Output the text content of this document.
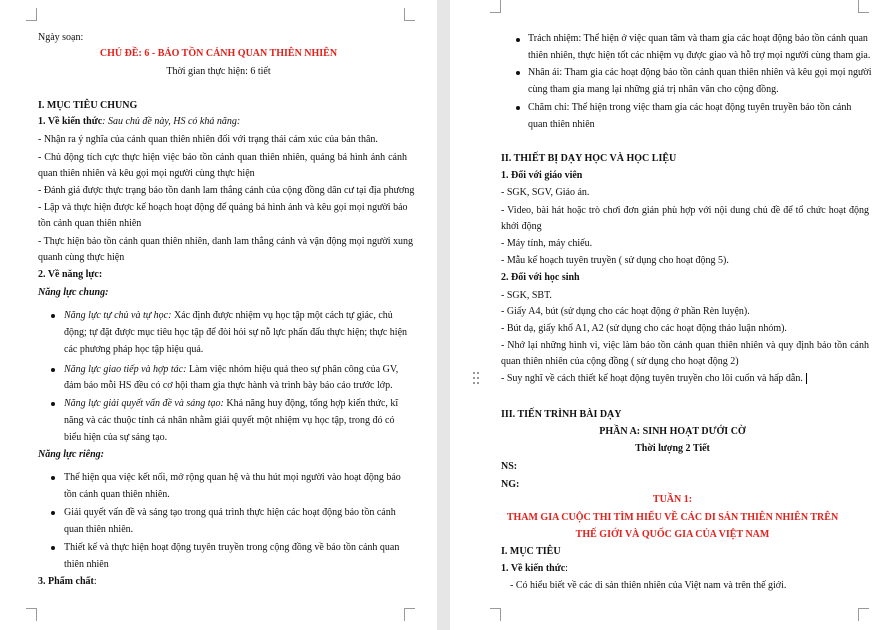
Ngày soạn:
CHỦ ĐỀ: 6 - BẢO TỒN CẢNH QUAN THIÊN NHIÊN
Thời gian thực hiện: 6 tiết
I. MỤC TIÊU CHUNG
1. Về kiến thức: Sau chủ đề này, HS có khả năng:
- Nhận ra ý nghĩa của cảnh quan thiên nhiên đối với trạng thái cảm xúc của bản thân.
- Chủ động tích cực thực hiện việc bảo tồn cảnh quan thiên nhiên, quảng bá hình ảnh cảnh
quan thiên nhiên và kêu gọi mọi người cùng thực hiện
- Đánh giá được thực trạng bảo tồn danh lam thắng cảnh của cộng đồng dân cư tại địa phương
- Lập và thực hiện được kế hoạch hoạt động để quảng bá hình ảnh và kêu gọi mọi người bảo
tồn cảnh quan thiên nhiên
- Thực hiện bảo tồn cảnh quan thiên nhiên, danh lam thắng cảnh và vận động mọi người xung
quanh cùng thực hiện
2. Về năng lực:
Năng lực chung:
Năng lực tự chủ và tự học: Xác định được nhiệm vụ học tập một cách tự giác, chủ
động; tự đặt được mục tiêu học tập để đòi hỏi sự nỗ lực phấn đấu thực hiện; thực hiện
các phương pháp học tập hiệu quả.
Năng lực giao tiếp và hợp tác: Làm việc nhóm hiệu quả theo sự phân công của GV,
đảm bảo mỗi HS đều có cơ hội tham gia thực hành và trình bày báo cáo trước lớp.
Năng lực giải quyết vấn đề và sáng tạo: Khả năng huy động, tổng hợp kiến thức, kĩ
năng và các thuộc tính cá nhân nhằm giải quyết một nhiệm vụ học tập, trong đó có
biểu hiện của sự sáng tạo.
Năng lực riêng:
Thể hiện qua việc kết nối, mở rộng quan hệ và thu hút mọi người vào hoạt động bảo
tồn cảnh quan thiên nhiên.
Giải quyết vấn đề và sáng tạo trong quá trình thực hiện các hoạt động bảo tồn cảnh
quan thiên nhiên.
Thiết kế và thực hiện hoạt động tuyên truyền trong cộng đồng về bảo tồn cảnh quan
thiên nhiên
3. Phẩm chất:
Trách nhiệm: Thể hiện ở việc quan tâm và tham gia các hoạt động bảo tồn cảnh quan
thiên nhiên, thực hiện tốt các nhiệm vụ được giao và hỗ trợ mọi người cùng tham gia.
Nhân ái: Tham gia các hoạt động bảo tồn cảnh quan thiên nhiên và kêu gọi mọi người
cùng tham gia mang lại những giá trị nhân văn cho cộng đồng.
Chăm chỉ: Thể hiện trong việc tham gia các hoạt động tuyên truyền bảo tồn cảnh
quan thiên nhiên
II. THIẾT BỊ DẠY HỌC VÀ HỌC LIỆU
1. Đối với giáo viên
- SGK, SGV, Giáo án.
- Video, bài hát hoặc trò chơi đơn giản phù hợp với nội dung chủ đề để tổ chức hoạt động
khởi động
- Máy tính, máy chiếu.
- Mẫu kế hoạch tuyên truyền ( sử dụng cho hoạt động 5).
2. Đối với học sinh
- SGK, SBT.
- Giấy A4, bút (sử dụng cho các hoạt động ở phần Rèn luyện).
- Bút dạ, giấy khổ A1, A2 (sử dụng cho các hoạt động thảo luận nhóm).
- Nhớ lại những hình vi, việc làm bảo tồn cảnh quan thiên nhiên và quy định bảo tồn cảnh
quan thiên nhiên của cộng đồng ( sử dụng cho hoạt động 2)
- Suy nghĩ về cách thiết kế hoạt động tuyên truyền cho lôi cuốn và hấp dẫn.
III. TIẾN TRÌNH BÀI DẠY
PHẦN A: SINH HOẠT DƯỚI CỜ
Thời lượng 2 Tiết
NS:
NG:
TUẦN 1:
THAM GIA CUỘC THI TÌM HIỂU VỀ CÁC DI SẢN THIÊN NHIÊN TRÊN
THẾ GIỚI VÀ QUỐC GIA CỦA VIỆT NAM
I. MỤC TIÊU
1. Về kiến thức:
- Có hiểu biết về các di sản thiên nhiên của Việt nam và trên thế giới.
